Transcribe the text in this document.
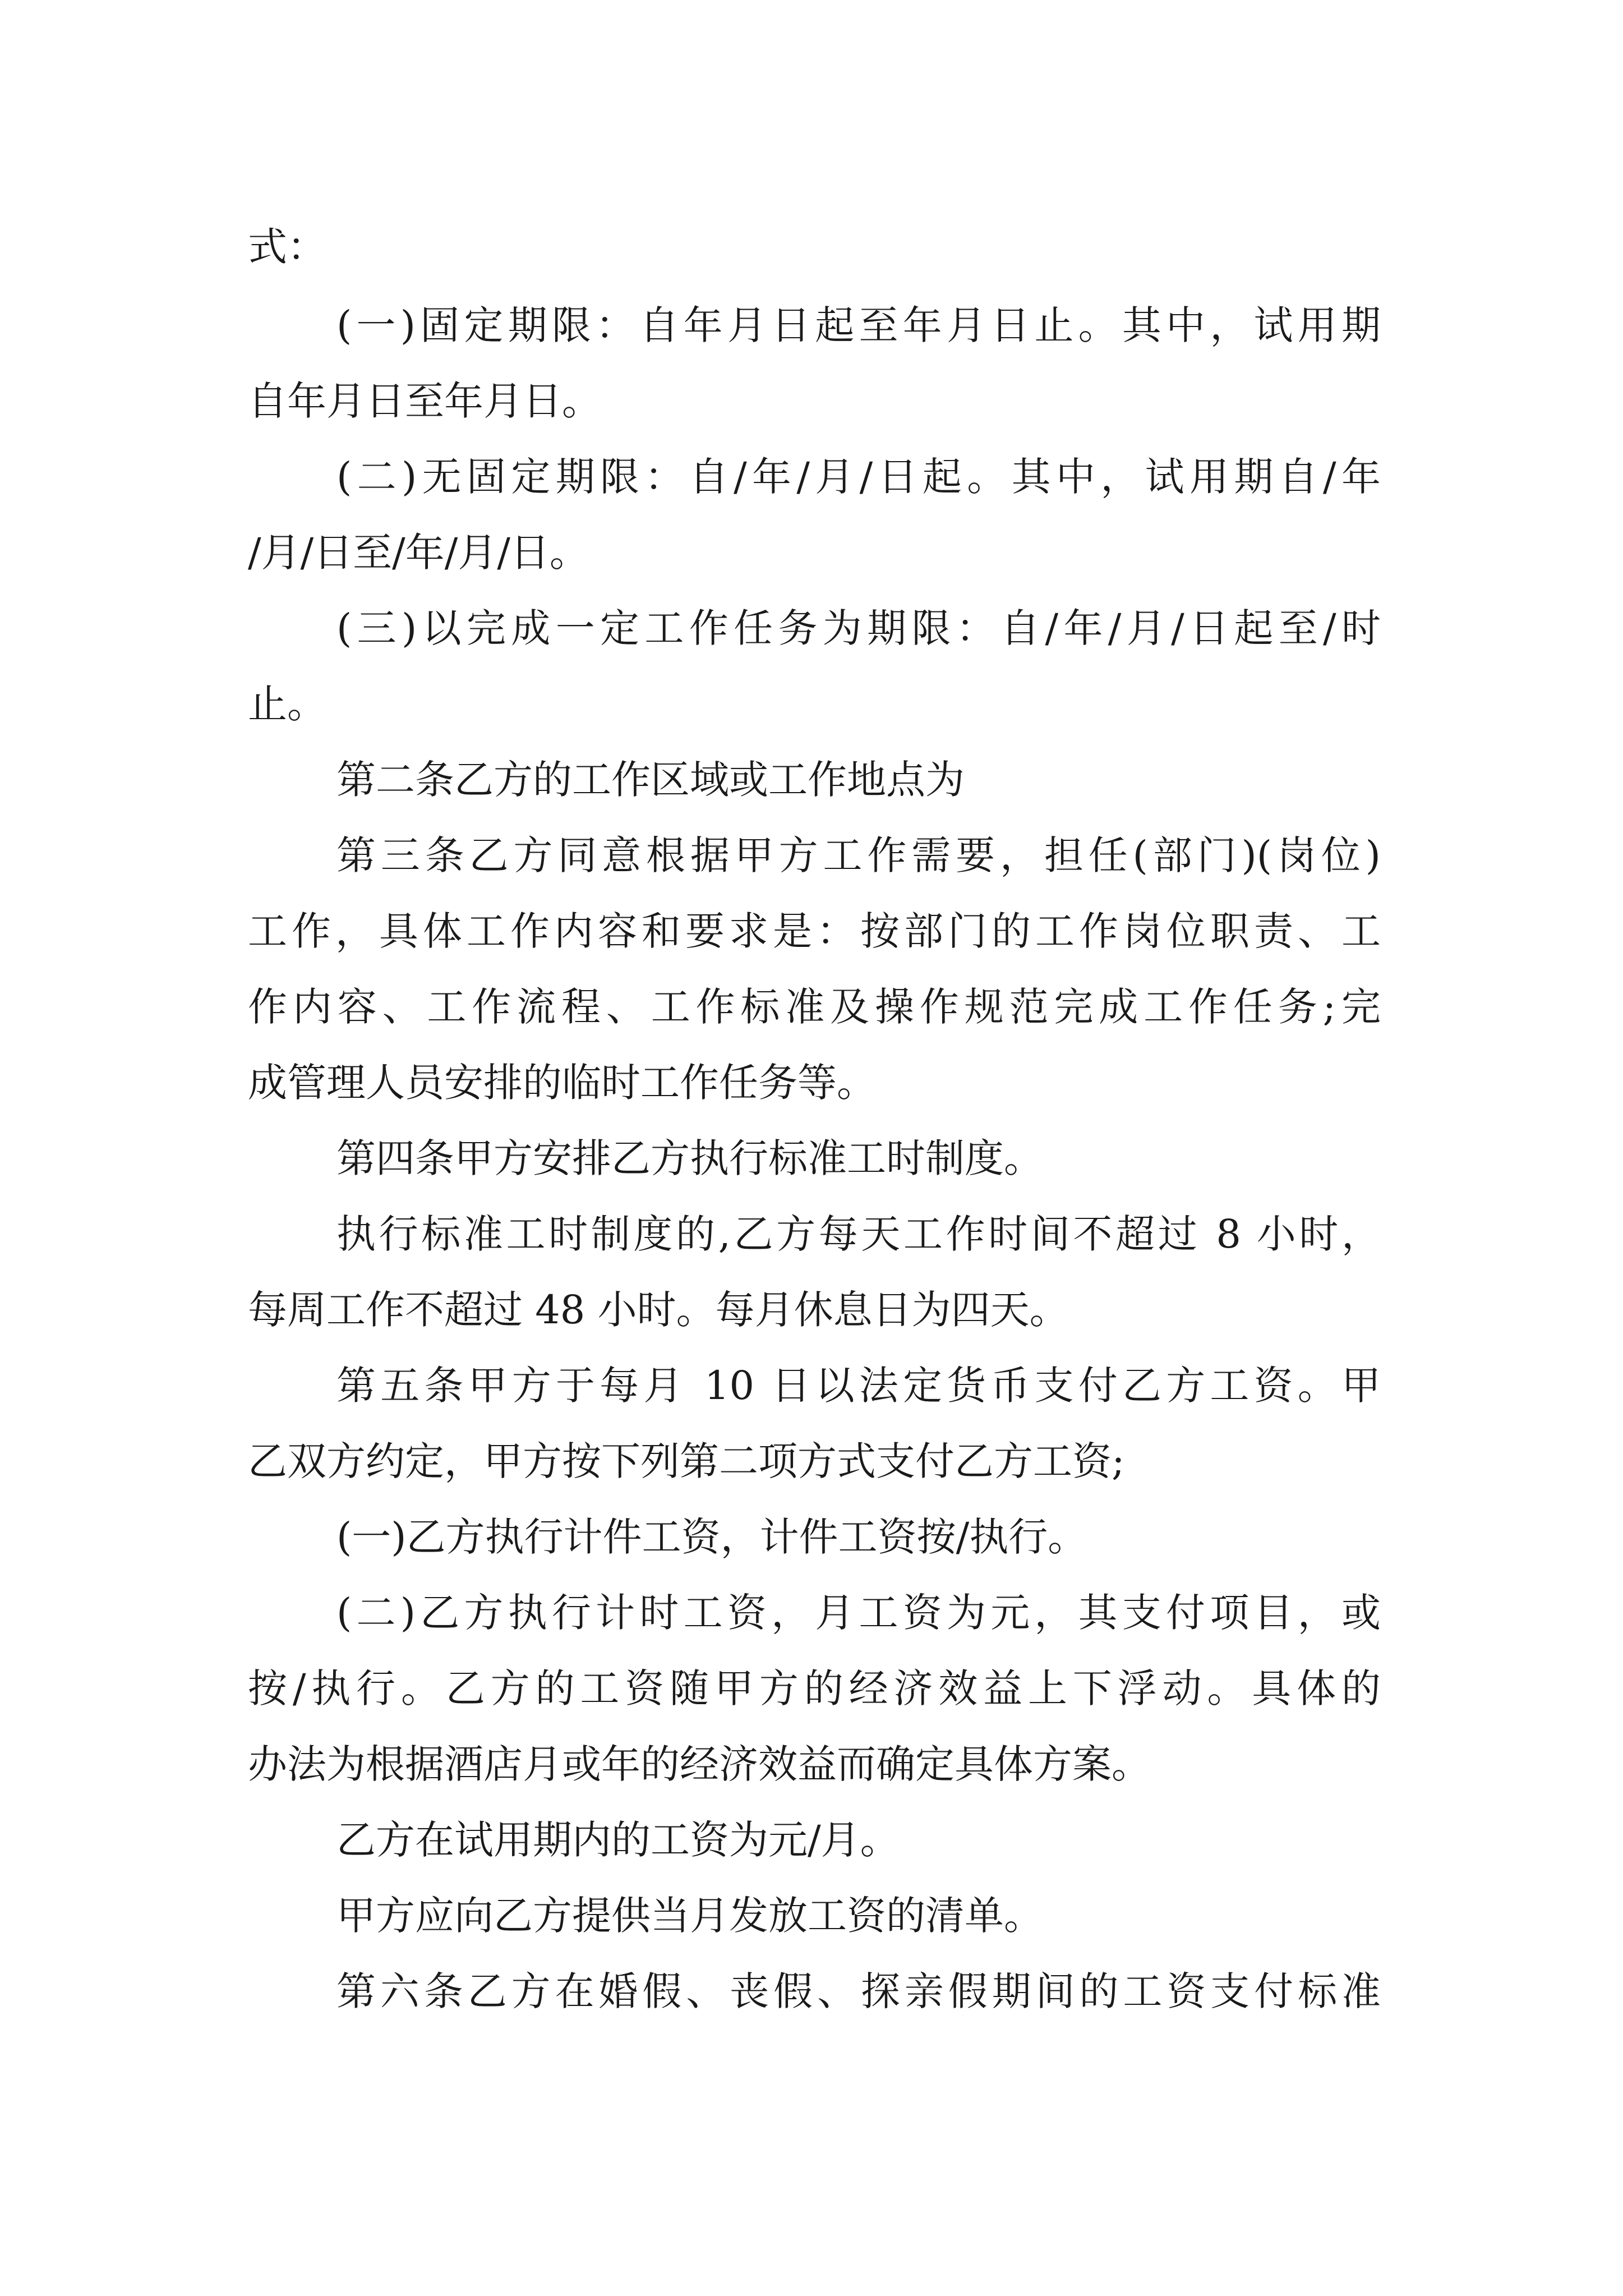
式：
(一)固定期限：自年月日起至年月日止。其中，试用期
自年月日至年月日。
(二)无固定期限：自/年/月/日起。其中，试用期自/年
/月/日至/年/月/日。
(三)以完成一定工作任务为期限：自/年/月/日起至/时
止。
第二条乙方的工作区域或工作地点为
第三条乙方同意根据甲方工作需要，担任(部门)(岗位)
工作，具体工作内容和要求是：按部门的工作岗位职责、工
作内容、工作流程、工作标准及操作规范完成工作任务;完
成管理人员安排的临时工作任务等。
第四条甲方安排乙方执行标准工时制度。
执行标准工时制度的,乙方每天工作时间不超过 8 小时，
每周工作不超过 48 小时。每月休息日为四天。
第五条甲方于每月 10 日以法定货币支付乙方工资。甲
乙双方约定，甲方按下列第二项方式支付乙方工资;
(一)乙方执行计件工资，计件工资按/执行。
(二)乙方执行计时工资，月工资为元，其支付项目，或
按/执行。乙方的工资随甲方的经济效益上下浮动。具体的
办法为根据酒店月或年的经济效益而确定具体方案。
乙方在试用期内的工资为元/月。
甲方应向乙方提供当月发放工资的清单。
第六条乙方在婚假、丧假、探亲假期间的工资支付标准
